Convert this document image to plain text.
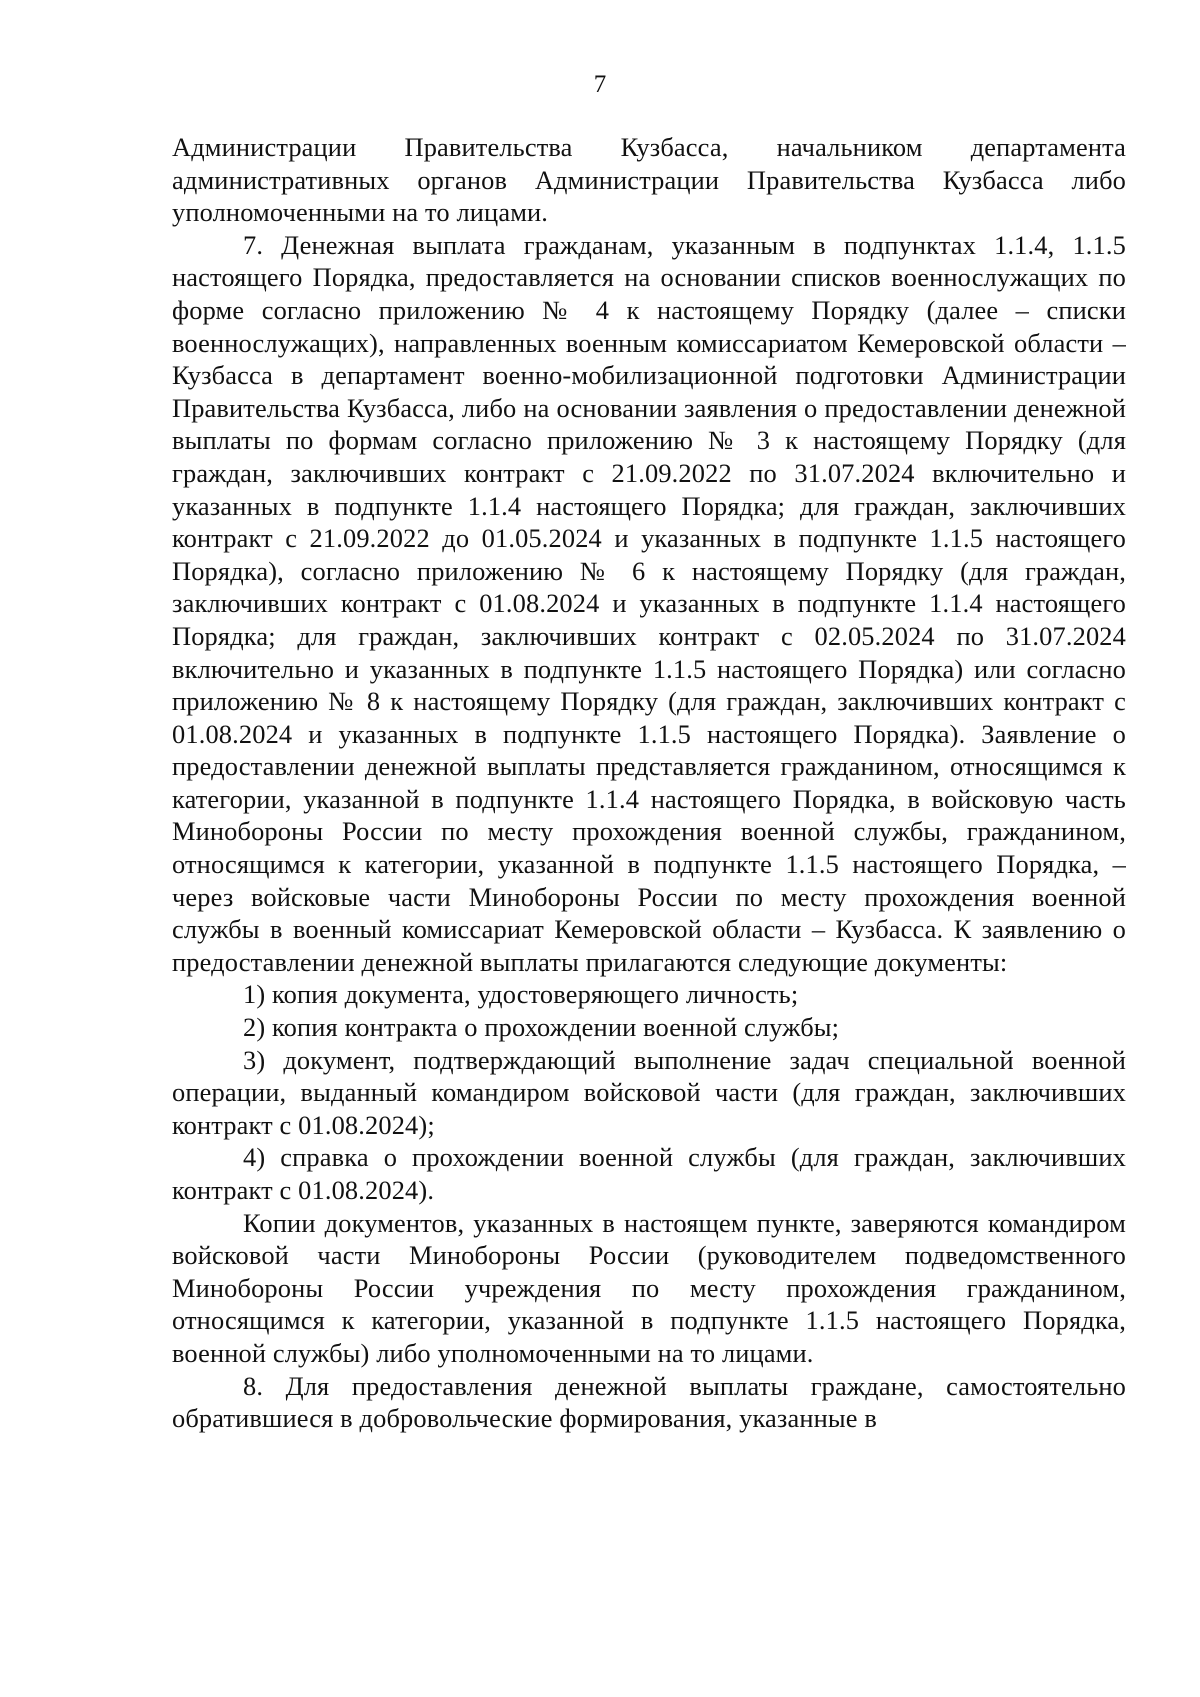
7

Администрации Правительства Кузбасса, начальником департамента административных органов Администрации Правительства Кузбасса либо уполномоченными на то лицами.

7. Денежная выплата гражданам, указанным в подпунктах 1.1.4, 1.1.5 настоящего Порядка, предоставляется на основании списков военнослужащих по форме согласно приложению № 4 к настоящему Порядку (далее – списки военнослужащих), направленных военным комиссариатом Кемеровской области – Кузбасса в департамент военно-мобилизационной подготовки Администрации Правительства Кузбасса, либо на основании заявления о предоставлении денежной выплаты по формам согласно приложению № 3 к настоящему Порядку (для граждан, заключивших контракт с 21.09.2022 по 31.07.2024 включительно и указанных в подпункте 1.1.4 настоящего Порядка; для граждан, заключивших контракт с 21.09.2022 до 01.05.2024 и указанных в подпункте 1.1.5 настоящего Порядка), согласно приложению № 6 к настоящему Порядку (для граждан, заключивших контракт с 01.08.2024 и указанных в подпункте 1.1.4 настоящего Порядка; для граждан, заключивших контракт с 02.05.2024 по 31.07.2024 включительно и указанных в подпункте 1.1.5 настоящего Порядка) или согласно приложению № 8 к настоящему Порядку (для граждан, заключивших контракт с 01.08.2024 и указанных в подпункте 1.1.5 настоящего Порядка). Заявление о предоставлении денежной выплаты представляется гражданином, относящимся к категории, указанной в подпункте 1.1.4 настоящего Порядка, в войсковую часть Минобороны России по месту прохождения военной службы, гражданином, относящимся к категории, указанной в подпункте 1.1.5 настоящего Порядка, – через войсковые части Минобороны России по месту прохождения военной службы в военный комиссариат Кемеровской области – Кузбасса. К заявлению о предоставлении денежной выплаты прилагаются следующие документы:

1) копия документа, удостоверяющего личность;

2) копия контракта о прохождении военной службы;

3) документ, подтверждающий выполнение задач специальной военной операции, выданный командиром войсковой части (для граждан, заключивших контракт с 01.08.2024);

4) справка о прохождении военной службы (для граждан, заключивших контракт с 01.08.2024).

Копии документов, указанных в настоящем пункте, заверяются командиром войсковой части Минобороны России (руководителем подведомственного Минобороны России учреждения по месту прохождения гражданином, относящимся к категории, указанной в подпункте 1.1.5 настоящего Порядка, военной службы) либо уполномоченными на то лицами.

8. Для предоставления денежной выплаты граждане, самостоятельно обратившиеся в добровольческие формирования, указанные в
